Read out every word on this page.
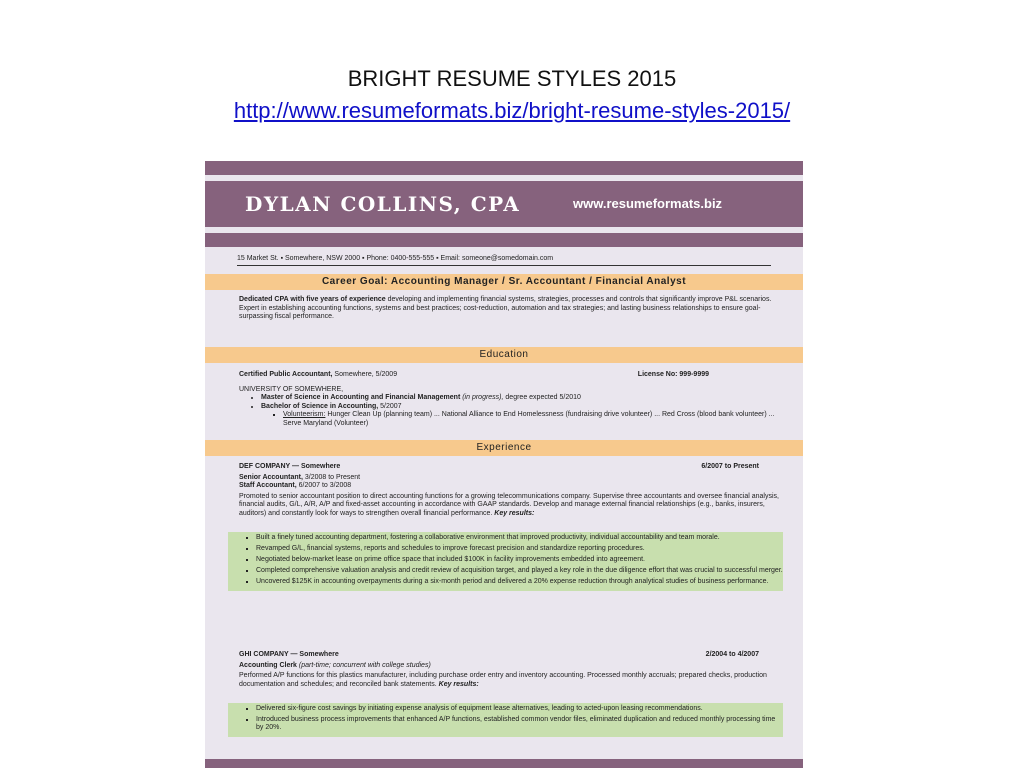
BRIGHT RESUME STYLES 2015
http://www.resumeformats.biz/bright-resume-styles-2015/
DYLAN COLLINS, CPA	www.resumeformats.biz
15 Market St. ▪ Somewhere, NSW 2000 ▪ Phone: 0400-555-555 ▪ Email: someone@somedomain.com
Career Goal: Accounting Manager / Sr. Accountant / Financial Analyst
Dedicated CPA with five years of experience developing and implementing financial systems, strategies, processes and controls that significantly improve P&L scenarios. Expert in establishing accounting functions, systems and best practices; cost-reduction, automation and tax strategies; and lasting business relationships to ensure goal-surpassing fiscal performance.
Education
Certified Public Accountant, Somewhere, 5/2009	License No: 999-9999
UNIVERSITY OF SOMEWHERE,
• Master of Science in Accounting and Financial Management (in progress), degree expected 5/2010
• Bachelor of Science in Accounting, 5/2007
▪ Volunteerism: Hunger Clean Up (planning team) ... National Alliance to End Homelessness (fundraising drive volunteer) ... Red Cross (blood bank volunteer) ... Serve Maryland (Volunteer)
Experience
DEF COMPANY — Somewhere	6/2007 to Present
Senior Accountant, 3/2008 to Present
Staff Accountant, 6/2007 to 3/2008
Promoted to senior accountant position to direct accounting functions for a growing telecommunications company. Supervise three accountants and oversee financial analysis, financial audits, G/L, A/R, A/P and fixed-asset accounting in accordance with GAAP standards. Develop and manage external financial relationships (e.g., banks, insurers, auditors) and constantly look for ways to strengthen overall financial performance. Key results:
▪ Built a finely tuned accounting department, fostering a collaborative environment that improved productivity, individual accountability and team morale.
▪ Revamped G/L, financial systems, reports and schedules to improve forecast precision and standardize reporting procedures.
▪ Negotiated below-market lease on prime office space that included $100K in facility improvements embedded into agreement.
▪ Completed comprehensive valuation analysis and credit review of acquisition target, and played a key role in the due diligence effort that was crucial to successful merger.
▪ Uncovered $125K in accounting overpayments during a six-month period and delivered a 20% expense reduction through analytical studies of business performance.
GHI COMPANY — Somewhere	2/2004 to 4/2007
Accounting Clerk (part-time; concurrent with college studies)
Performed A/P functions for this plastics manufacturer, including purchase order entry and inventory accounting. Processed monthly accruals; prepared checks, production documentation and schedules; and reconciled bank statements. Key results:
▪ Delivered six-figure cost savings by initiating expense analysis of equipment lease alternatives, leading to acted-upon leasing recommendations.
▪ Introduced business process improvements that enhanced A/P functions, established common vendor files, eliminated duplication and reduced monthly processing time by 20%.
